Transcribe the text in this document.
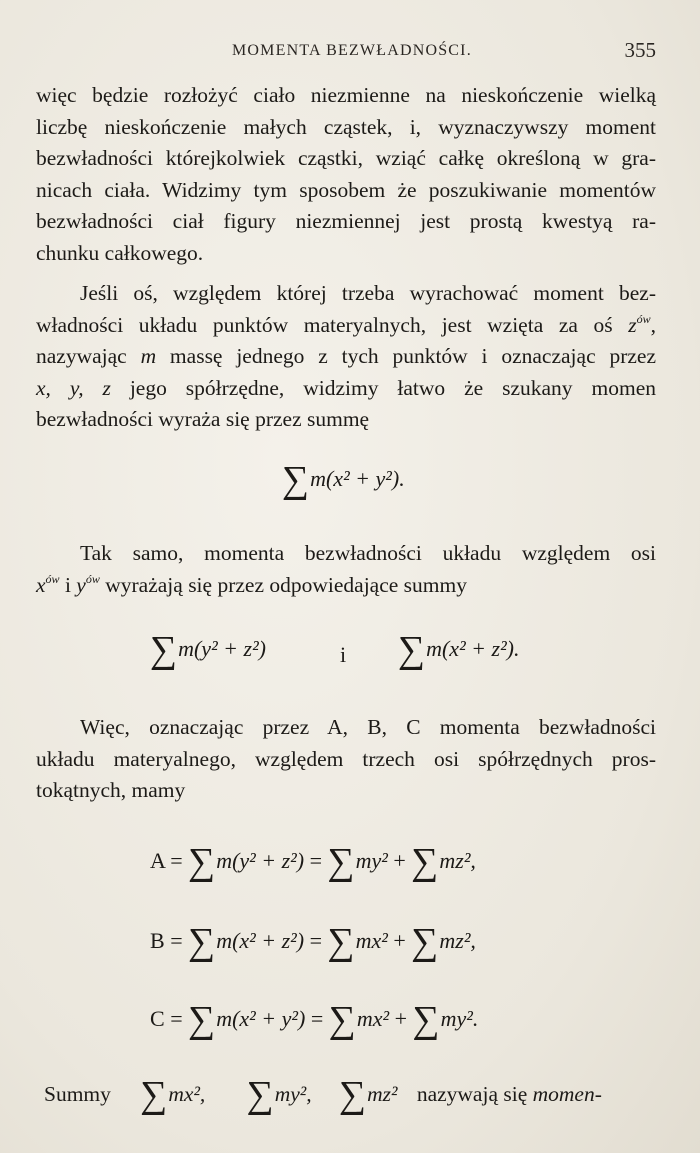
MOMENTA BEZWŁADNOŚCI.	355

więc będzie rozłożyć ciało niezmienne na nieskończenie wielką
liczbę nieskończenie małych cząstek, i, wyznaczywszy moment
bezwładności którejkolwiek cząstki, wziąć całkę określoną w gra-
nicach ciała. Widzimy tym sposobem że poszukiwanie momentów
bezwładności ciał figury niezmiennej jest prostą kwestyą ra-
chunku całkowego.

Jeśli oś, względem której trzeba wyrachować moment bez-
władności układu punktów materyalnych, jest wzięta za oś $z^{ów}$,
nazywając m massę jednego z tych punktów i oznaczając przez
x, y, z jego spółrzędne, widzimy łatwo że szukany momen
bezwładności wyraża się przez summę

∑m(x² + y²).

Tak samo, momenta bezwładności układu względem osi
$x^{ów}$ i $y^{ów}$ wyrażają się przez odpowiedające summy

∑m(y² + z²)	i ∑m(x² + z²).

Więc, oznaczając przez A, B, C momenta bezwładności
układu materyalnego, względem trzech osi spółrzędnych pros-
tokątnych, mamy

A = ∑m(y² + z²) = ∑my² + ∑mz²,
B = ∑m(x² + z²) = ∑mx² + ∑mz²,
C = ∑m(x² + y²) = ∑mx² + ∑my².
Summy ∑mx², ∑my², ∑mz² nazywają się momen-
